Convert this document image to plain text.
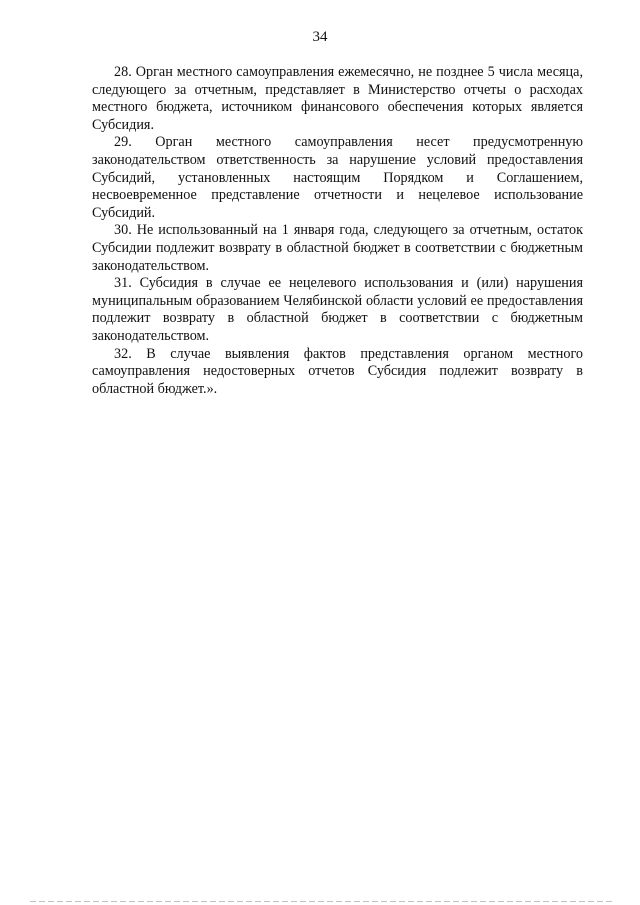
34

28. Орган местного самоуправления ежемесячно, не позднее 5 числа месяца, следующего за отчетным, представляет в Министерство отчеты о расходах местного бюджета, источником финансового обеспечения которых является Субсидия.

29. Орган местного самоуправления несет предусмотренную законодательством ответственность за нарушение условий предоставления Субсидий, установленных настоящим Порядком и Соглашением, несвоевременное представление отчетности и нецелевое использование Субсидий.

30. Не использованный на 1 января года, следующего за отчетным, остаток Субсидии подлежит возврату в областной бюджет в соответствии с бюджетным законодательством.

31. Субсидия в случае ее нецелевого использования и (или) нарушения муниципальным образованием Челябинской области условий ее предоставления подлежит возврату в областной бюджет в соответствии с бюджетным законодательством.

32. В случае выявления фактов представления органом местного самоуправления недостоверных отчетов Субсидия подлежит возврату в областной бюджет.».
